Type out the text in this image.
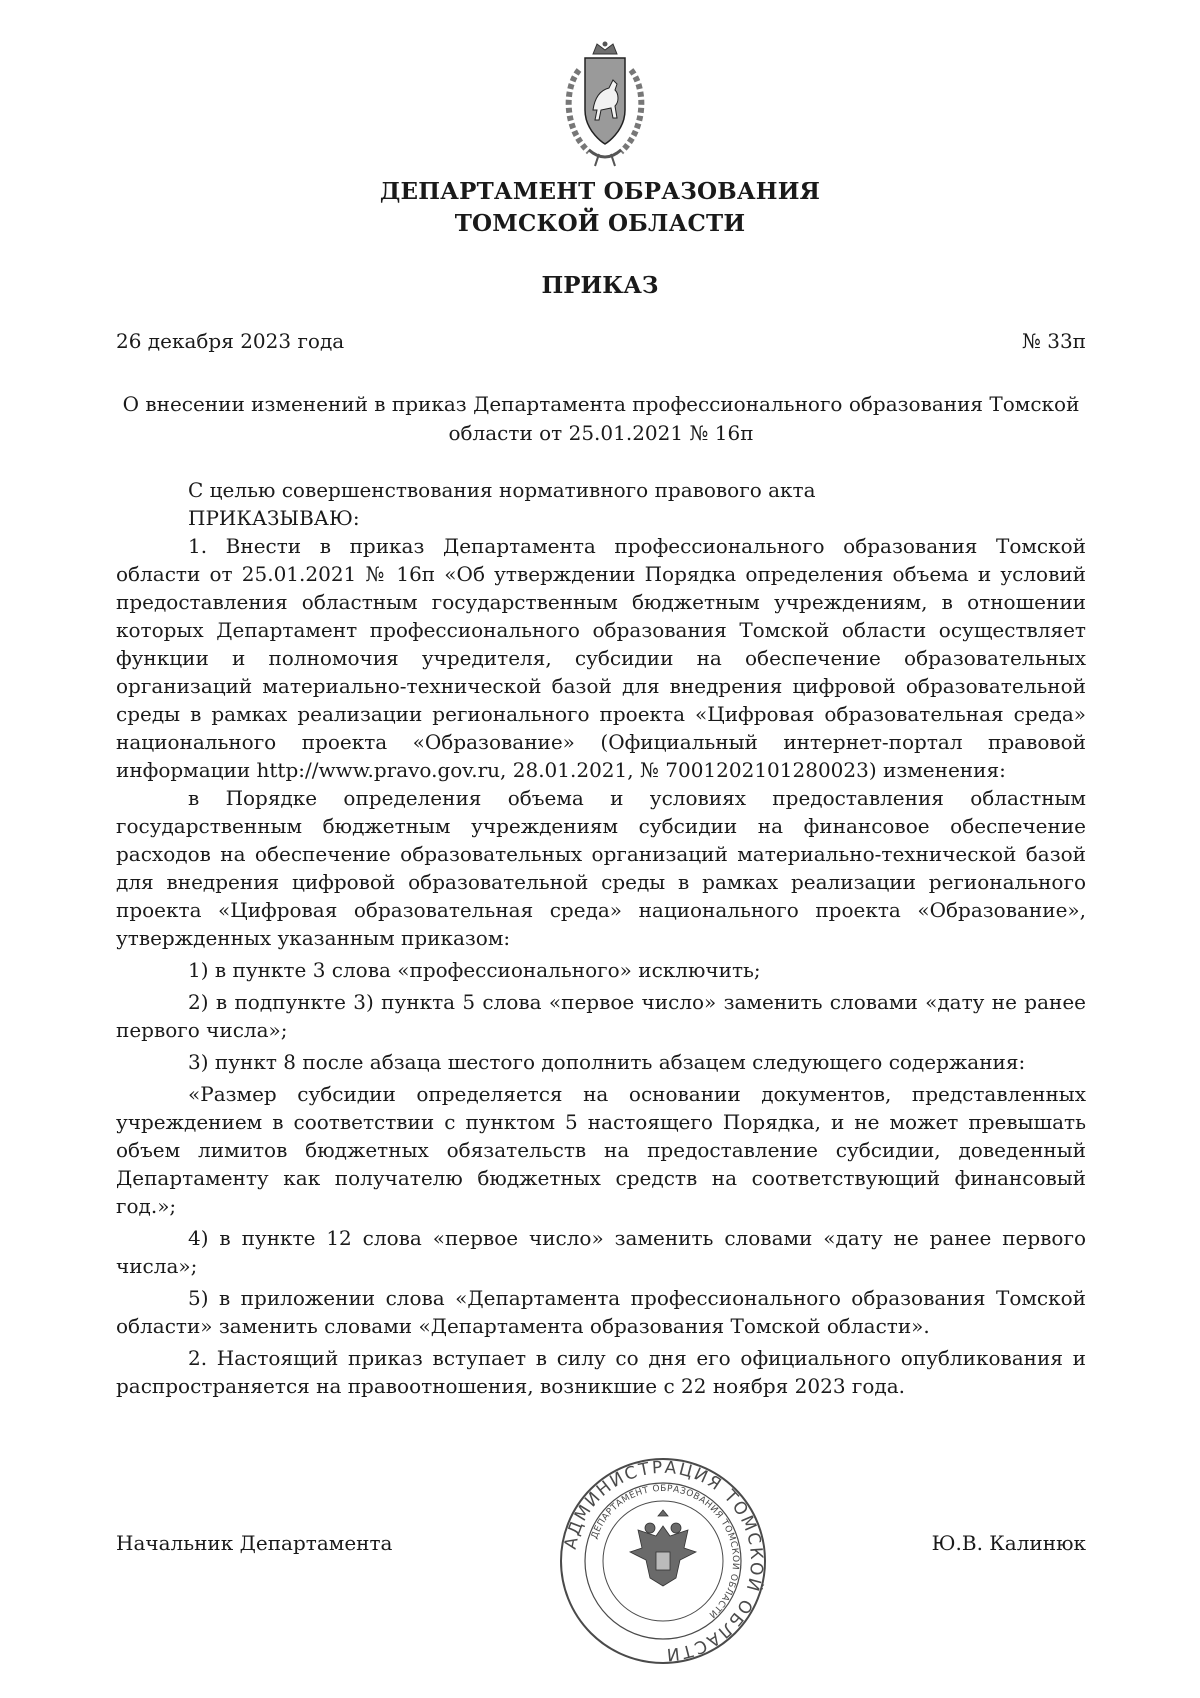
ДЕПАРТАМЕНТ ОБРАЗОВАНИЯ
ТОМСКОЙ ОБЛАСТИ
ПРИКАЗ
26 декабря 2023 года	№ 33п
О внесении изменений в приказ Департамента профессионального образования Томской области от 25.01.2021 № 16п

С целью совершенствования нормативного правового акта

ПРИКАЗЫВАЮ:

1. Внести в приказ Департамента профессионального образования Томской области от 25.01.2021 № 16п «Об утверждении Порядка определения объема и условий предоставления областным государственным бюджетным учреждениям, в отношении которых Департамент профессионального образования Томской области осуществляет функции и полномочия учредителя, субсидии на обеспечение образовательных организаций материально-технической базой для внедрения цифровой образовательной среды в рамках реализации регионального проекта «Цифровая образовательная среда» национального проекта «Образование» (Официальный интернет-портал правовой информации http://www.pravo.gov.ru, 28.01.2021, № 7001202101280023) изменения:

в Порядке определения объема и условиях предоставления областным государственным бюджетным учреждениям субсидии на финансовое обеспечение расходов на обеспечение образовательных организаций материально-технической базой для внедрения цифровой образовательной среды в рамках реализации регионального проекта «Цифровая образовательная среда» национального проекта «Образование», утвержденных указанным приказом:

1) в пункте 3 слова «профессионального» исключить;

2) в подпункте 3) пункта 5 слова «первое число» заменить словами «дату не ранее первого числа»;

3) пункт 8 после абзаца шестого дополнить абзацем следующего содержания:

«Размер субсидии определяется на основании документов, представленных учреждением в соответствии с пунктом 5 настоящего Порядка, и не может превышать объем лимитов бюджетных обязательств на предоставление субсидии, доведенный Департаменту как получателю бюджетных средств на соответствующий финансовый год.»;

4) в пункте 12 слова «первое число» заменить словами «дату не ранее первого числа»;

5) в приложении слова «Департамента профессионального образования Томской области» заменить словами «Департамента образования Томской области».

2. Настоящий приказ вступает в силу со дня его официального опубликования и распространяется на правоотношения, возникшие с 22 ноября 2023 года.

АДМИНИСТРАЦИЯ ТОМСКОЙ ОБЛАСТИ
ДЕПАРТАМЕНТ ОБРАЗОВАНИЯ ТОМСКОЙ ОБЛАСТИ
Начальник Департамента	Ю.В. Калинюк
